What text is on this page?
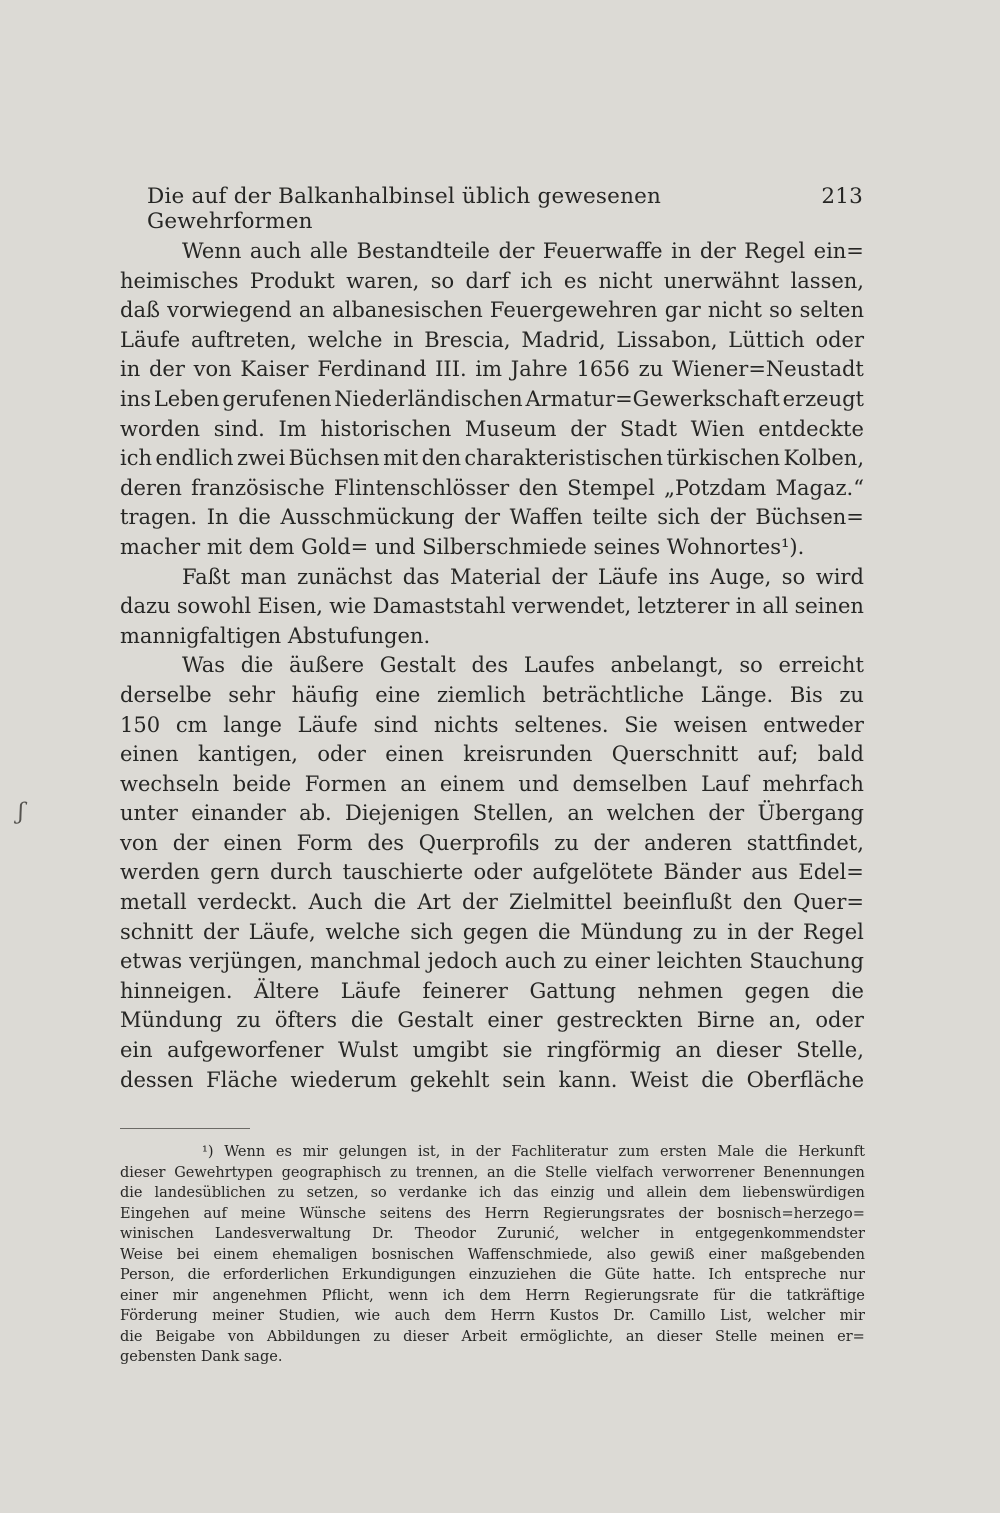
Die auf der Balkanhalbinsel üblich gewesenen Gewehrformen
213
Wenn auch alle Bestandteile der Feuerwaffe in der Regel ein=
heimisches Produkt waren, so darf ich es nicht unerwähnt lassen,
daß vorwiegend an albanesischen Feuergewehren gar nicht so selten
Läufe auftreten, welche in Brescia, Madrid, Lissabon, Lüttich oder
in der von Kaiser Ferdinand III. im Jahre 1656 zu Wiener=Neustadt
ins Leben gerufenen Niederländischen Armatur=Gewerkschaft erzeugt
worden sind. Im historischen Museum der Stadt Wien entdeckte
ich endlich zwei Büchsen mit den charakteristischen türkischen Kolben,
deren französische Flintenschlösser den Stempel „Potzdam Magaz.“
tragen. In die Ausschmückung der Waffen teilte sich der Büchsen=
macher mit dem Gold= und Silberschmiede seines Wohnortes¹).
Faßt man zunächst das Material der Läufe ins Auge, so wird
dazu sowohl Eisen, wie Damaststahl verwendet, letzterer in all seinen
mannigfaltigen Abstufungen.
Was die äußere Gestalt des Laufes anbelangt, so erreicht
derselbe sehr häufig eine ziemlich beträchtliche Länge. Bis zu
150 cm lange Läufe sind nichts seltenes. Sie weisen entweder
einen kantigen, oder einen kreisrunden Querschnitt auf; bald
wechseln beide Formen an einem und demselben Lauf mehrfach
unter einander ab. Diejenigen Stellen, an welchen der Übergang
von der einen Form des Querprofils zu der anderen stattfindet,
werden gern durch tauschierte oder aufgelötete Bänder aus Edel=
metall verdeckt. Auch die Art der Zielmittel beeinflußt den Quer=
schnitt der Läufe, welche sich gegen die Mündung zu in der Regel
etwas verjüngen, manchmal jedoch auch zu einer leichten Stauchung
hinneigen. Ältere Läufe feinerer Gattung nehmen gegen die
Mündung zu öfters die Gestalt einer gestreckten Birne an, oder
ein aufgeworfener Wulst umgibt sie ringförmig an dieser Stelle,
dessen Fläche wiederum gekehlt sein kann. Weist die Oberfläche
¹) Wenn es mir gelungen ist, in der Fachliteratur zum ersten Male die Herkunft
dieser Gewehrtypen geographisch zu trennen, an die Stelle vielfach verworrener Benennungen
die landesüblichen zu setzen, so verdanke ich das einzig und allein dem liebenswürdigen
Eingehen auf meine Wünsche seitens des Herrn Regierungsrates der bosnisch=herzego=
winischen Landesverwaltung Dr. Theodor Zurunić, welcher in entgegenkommendster
Weise bei einem ehemaligen bosnischen Waffenschmiede, also gewiß einer maßgebenden
Person, die erforderlichen Erkundigungen einzuziehen die Güte hatte. Ich entspreche nur
einer mir angenehmen Pflicht, wenn ich dem Herrn Regierungsrate für die tatkräftige
Förderung meiner Studien, wie auch dem Herrn Kustos Dr. Camillo List, welcher mir
die Beigabe von Abbildungen zu dieser Arbeit ermöglichte, an dieser Stelle meinen er=
gebensten Dank sage.
ʃ
